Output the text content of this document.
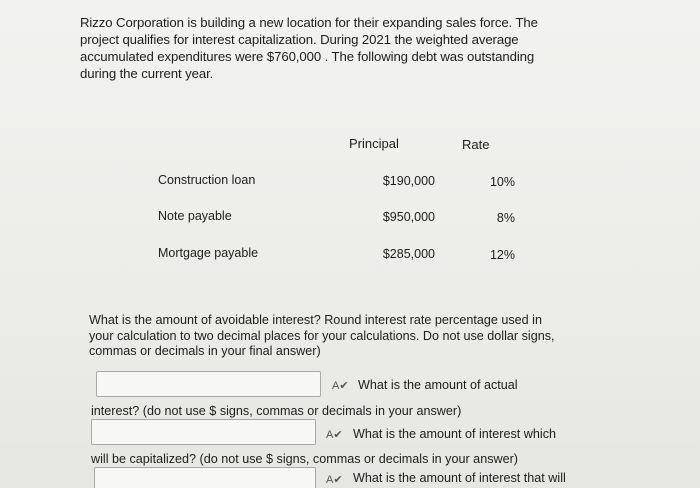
Rizzo Corporation is building a new location for their expanding sales force. The
project qualifies for interest capitalization. During 2021 the weighted average
accumulated expenditures were $760,000 . The following debt was outstanding
during the current year.
Principal	Rate
Construction loan	$190,000	10%
Note payable	$950,000	8%
Mortgage payable	$285,000	12%
What is the amount of avoidable interest? Round interest rate percentage used in
your calculation to two decimal places for your calculations. Do not use dollar signs,
commas or decimals in your final answer)
A✔ What is the amount of actual
interest? (do not use $ signs, commas or decimals in your answer)
A✔ What is the amount of interest which
will be capitalized? (do not use $ signs, commas or decimals in your answer)
A✔ What is the amount of interest that will
